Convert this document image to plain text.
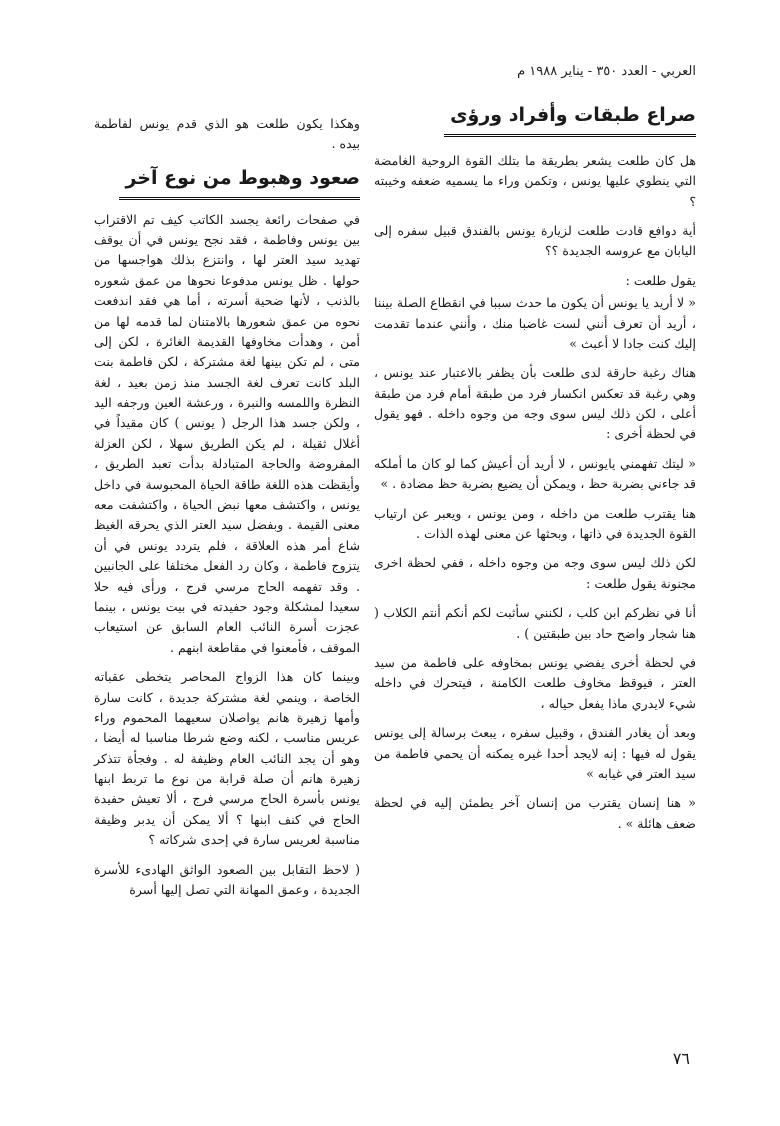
العربي - العدد ٣٥٠ - يناير ١٩٨٨ م
صراع طبقات وأفراد ورؤى

هل كان طلعت يشعر بطريقة ما بتلك القوة الروحية الغامضة التي ينطوي عليها يونس ، وتكمن وراء ما يسميه ضعفه وخيبته ؟

أية دوافع قادت طلعت لزيارة يونس بالفندق قبيل سفره إلى اليابان مع عروسه الجديدة ؟؟

يقول طلعت :

« لا أريد يا يونس أن يكون ما حدث سببا في انقطاع الصلة بيننا ، أريد أن تعرف أنني لست غاضبا منك ، وأنني عندما تقدمت إليك كنت جادا لا أعبث »

هناك رغبة حارقة لدى طلعت بأن يظفر بالاعتبار عند يونس ، وهي رغبة قد تعكس انكسار فرد من طبقة أمام فرد من طبقة أعلى ، لكن ذلك ليس سوى وجه من وجوه داخله . فهو يقول في لحظة أخرى :

« ليتك تفهمني يايونس ، لا أريد أن أعيش كما لو كان ما أملكه قد جاءني بضربة حظ ، ويمكن أن يضيع بضربة حظ مضادة . »

هنا يقترب طلعت من داخله ، ومن يونس ، ويعبر عن ارتياب القوة الجديدة في ذاتها ، وبحثها عن معنى لهذه الذات .

لكن ذلك ليس سوى وجه من وجوه داخله ، ففي لحظة اخرى مجنونة يقول طلعت :

أنا في نظركم ابن كلب ، لكنني سأثبت لكم أنكم أنتم الكلاب ( هنا شجار واضح حاد بين طبقتين ) .

في لحظة أخرى يفضي يونس بمخاوفه على فاطمة من سيد العتر ، فيوقظ مخاوف طلعت الكامنة ، فيتحرك في داخله شيء لايدري ماذا يفعل حياله ،

وبعد أن يغادر الفندق ، وقبيل سفره ، يبعث برسالة إلى يونس يقول له فيها : إنه لايجد أحدا غيره يمكنه أن يحمي فاطمة من سيد العتر في غيابه »

« هنا إنسان يقترب من إنسان آخر يطمئن إليه في لحظة ضعف هائلة » .

وهكذا يكون طلعت هو الذي قدم يونس لفاطمة بيده .

صعود وهبوط من نوع آخر

في صفحات رائعة يجسد الكاتب كيف تم الاقتراب بين يونس وفاطمة ، فقد نجح يونس في أن يوقف تهديد سيد العتر لها ، وانتزع بذلك هواجسها من حولها . ظل يونس مدفوعا نحوها من عمق شعوره بالذنب ، لأنها ضحية أسرته ، أما هي فقد اندفعت نحوه من عمق شعورها بالامتنان لما قدمه لها من أمن ، وهدأت مخاوفها القديمة الغائرة ، لكن إلى متى ، لم تكن بينها لغة مشتركة ، لكن فاطمة بنت البلد كانت تعرف لغة الجسد منذ زمن بعيد ، لغة النظرة واللمسه والنبرة ، ورعشة العين ورجفه اليد ، ولكن جسد هذا الرجل ( يونس ) كان مقيداً في أغلال ثقيلة ، لم يكن الطريق سهلا ، لكن العزلة المفروضة والحاجة المتبادلة بدأت تعبد الطريق ، وأيقظت هذه اللغة طاقة الحياة المحبوسة في داخل يونس ، واكتشف معها نبض الحياة ، واكتشفت معه معنى القيمة . وبفضل سيد العتر الذي يحرقه الغيظ شاع أمر هذه العلاقة ، فلم يتردد يونس في أن يتزوج فاطمة ، وكان رد الفعل مختلفا على الجانبين . وقد تفهمه الحاج مرسي فرج ، ورأى فيه حلا سعيدا لمشكلة وجود حفيدته في بيت يونس ، بينما عجزت أسرة النائب العام السابق عن استيعاب الموقف ، فأمعنوا في مقاطعة ابنهم .

وبينما كان هذا الزواج المحاصر يتخطى عقباته الخاصة ، وينمي لغة مشتركة جديدة ، كانت سارة وأمها زهيرة هانم يواصلان سعيهما المحموم وراء عريس مناسب ، لكنه وضع شرطا مناسبا له أيضا ، وهو أن يجد النائب العام وظيفة له . وفجأة تتذكر زهيرة هانم أن صلة قرابة من نوع ما تربط ابنها يونس بأسرة الحاج مرسي فرج ، ألا تعيش حفيدة الحاج في كنف ابنها ؟ ألا يمكن أن يدبر وظيفة مناسبة لعريس سارة في إحدى شركاته ؟

( لاحظ التقابل بين الصعود الواثق الهادىء للأسرة الجديدة ، وعمق المهانة التي تصل إليها أسرة

٧٦
